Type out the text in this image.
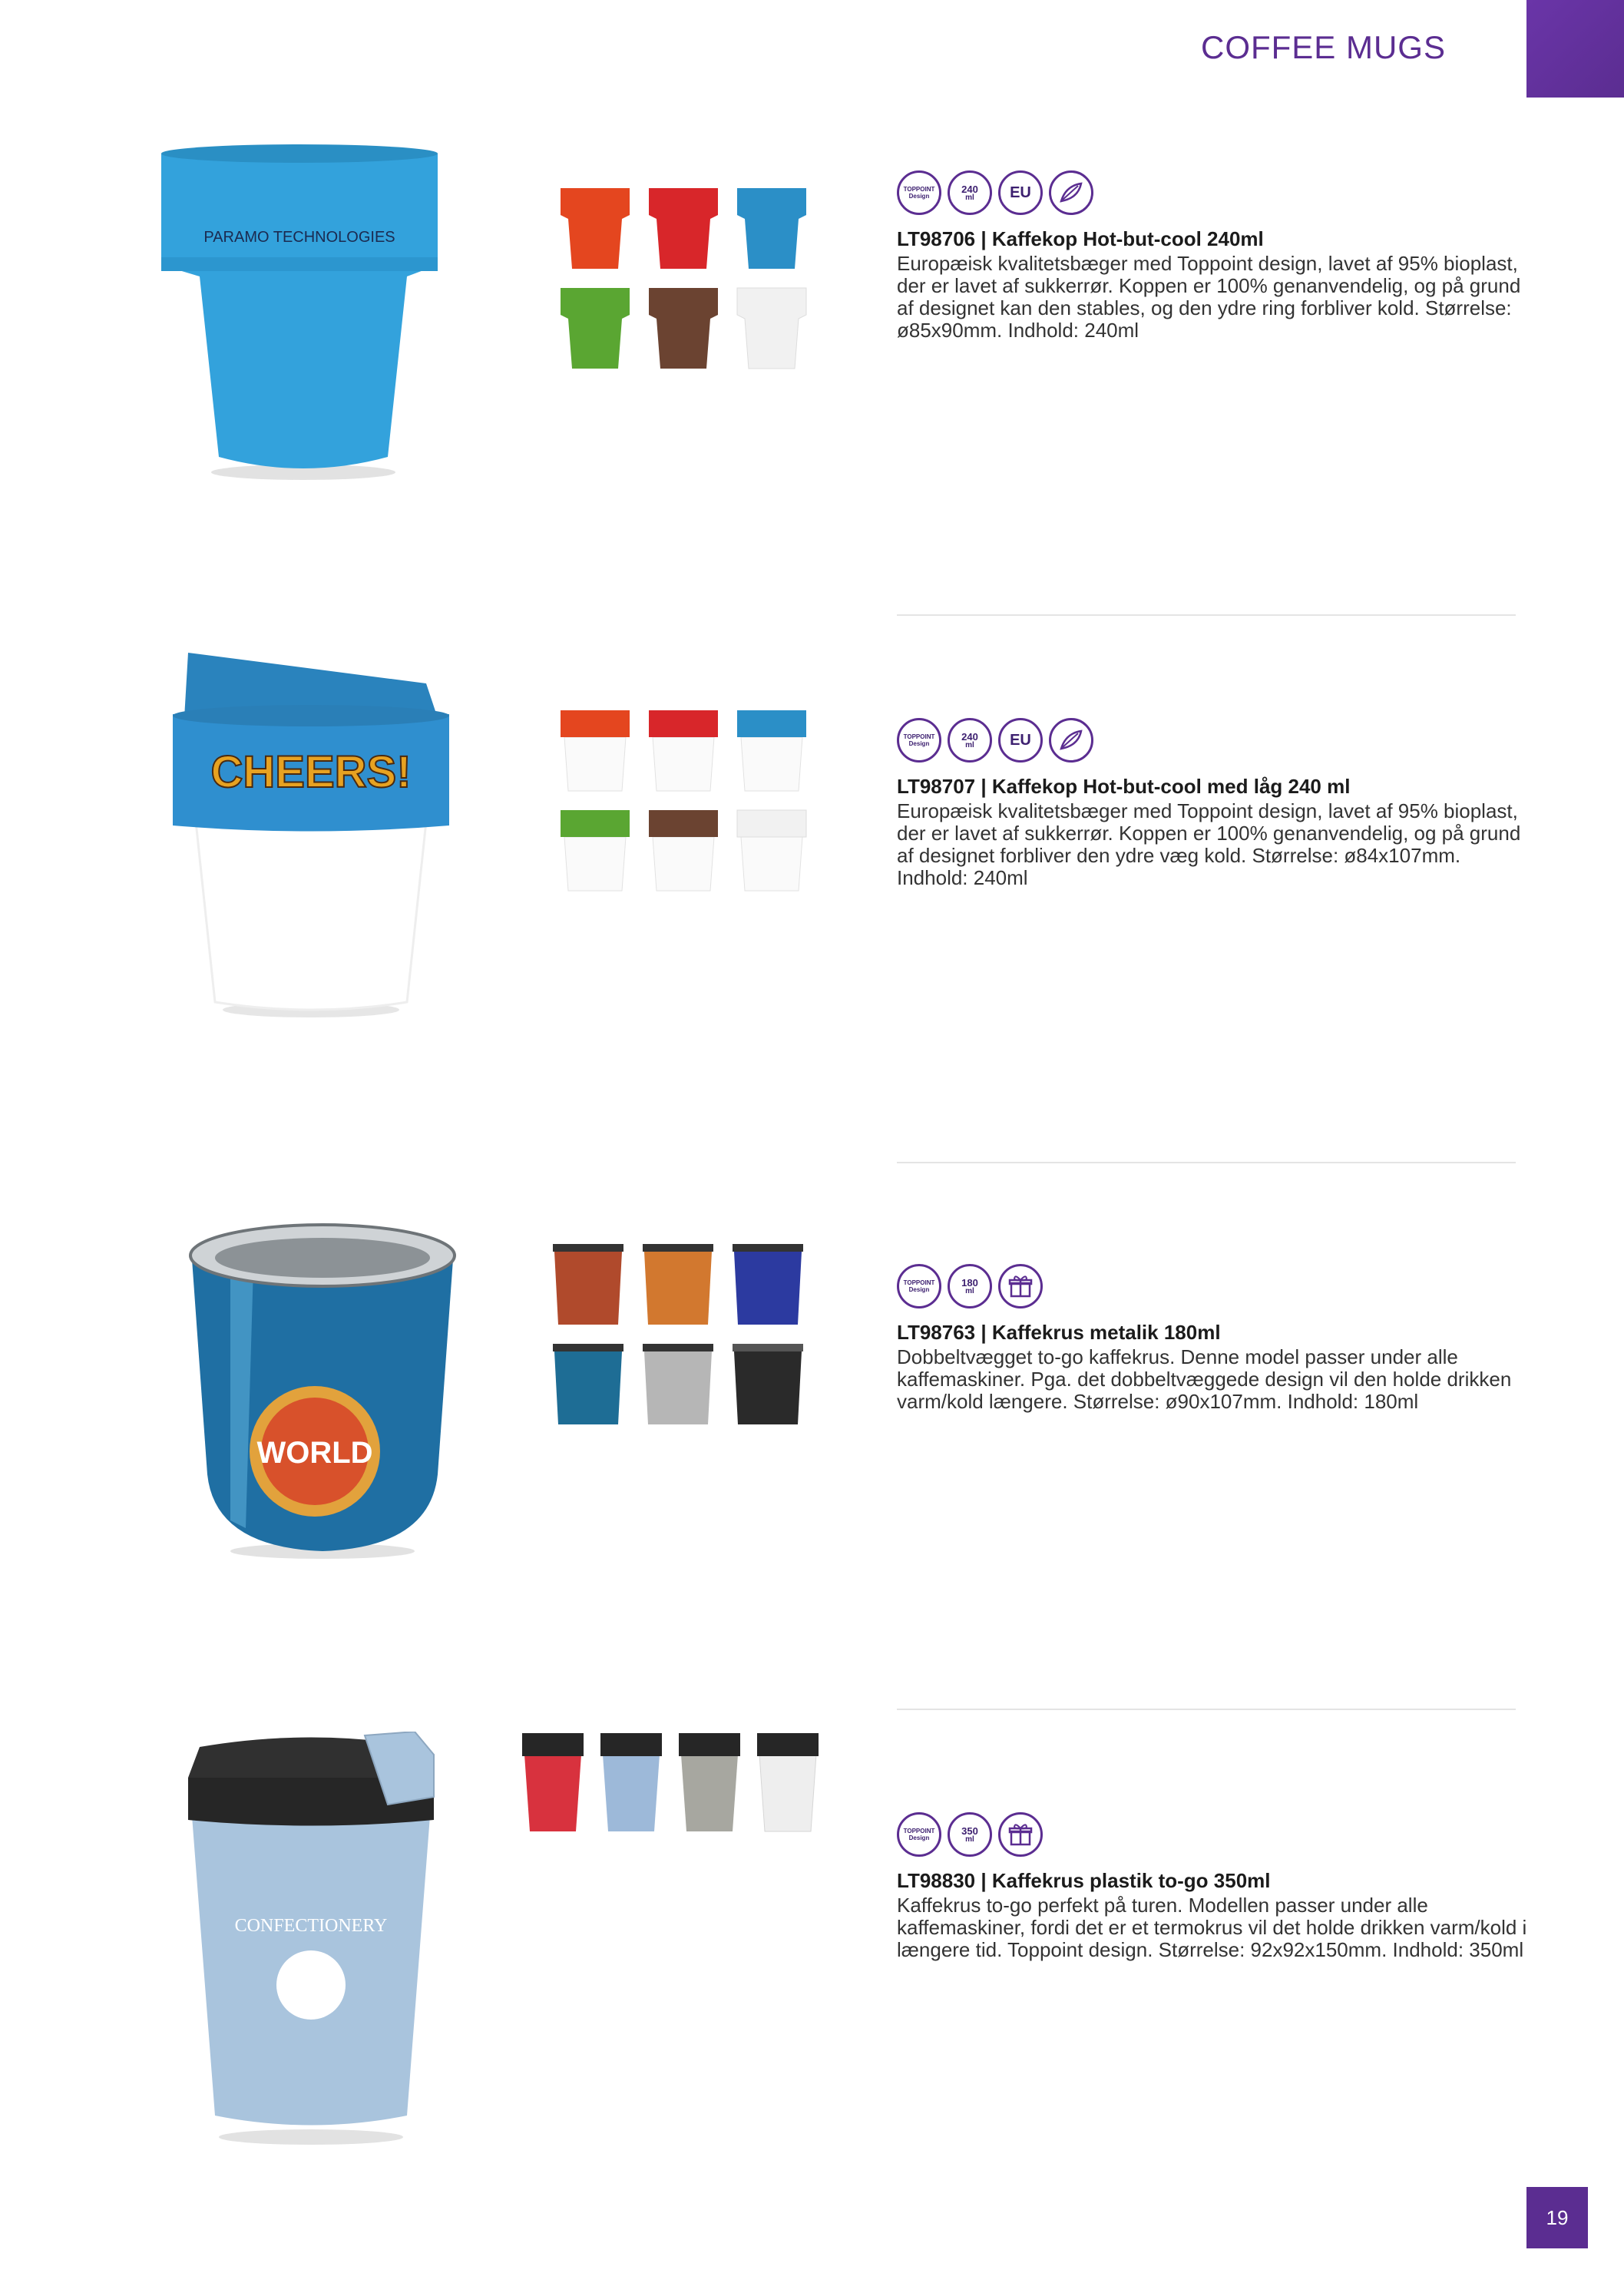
COFFEE MUGS
PARAMO TECHNOLOGIES
TOPPOINT
Design
240
ml	EU

LT98706 | Kaffekop Hot-but-cool 240ml

Europæisk kvalitetsbæger med Toppoint design, lavet af 95% bioplast, der er lavet af sukkerrør. Koppen er 100% genanvendelig, og på grund af designet kan den stables, og den ydre ring forbliver kold. Størrelse: ø85x90mm. Indhold: 240ml

CHEERS!
TOPPOINT
Design
240
ml	EU

LT98707 | Kaffekop Hot-but-cool med låg 240 ml

Europæisk kvalitetsbæger med Toppoint design, lavet af 95% bioplast, der er lavet af sukkerrør. Koppen er 100% genanvendelig, og på grund af designet forbliver den ydre væg kold. Størrelse: ø84x107mm. Indhold: 240ml

WORLD
TOPPOINT
Design
180
ml

LT98763 | Kaffekrus metalik 180ml

Dobbeltvægget to-go kaffekrus. Denne model passer under alle kaffemaskiner. Pga. det dobbeltvæggede design vil den holde drikken varm/kold længere. Størrelse: ø90x107mm. Indhold: 180ml

CONFECTIONERY
TOPPOINT
Design
350
ml

LT98830 | Kaffekrus plastik to-go 350ml

Kaffekrus to-go perfekt på turen. Modellen passer under alle kaffemaskiner, fordi det er et termokrus vil det holde drikken varm/kold i længere tid. Toppoint design. Størrelse: 92x92x150mm. Indhold: 350ml

19
